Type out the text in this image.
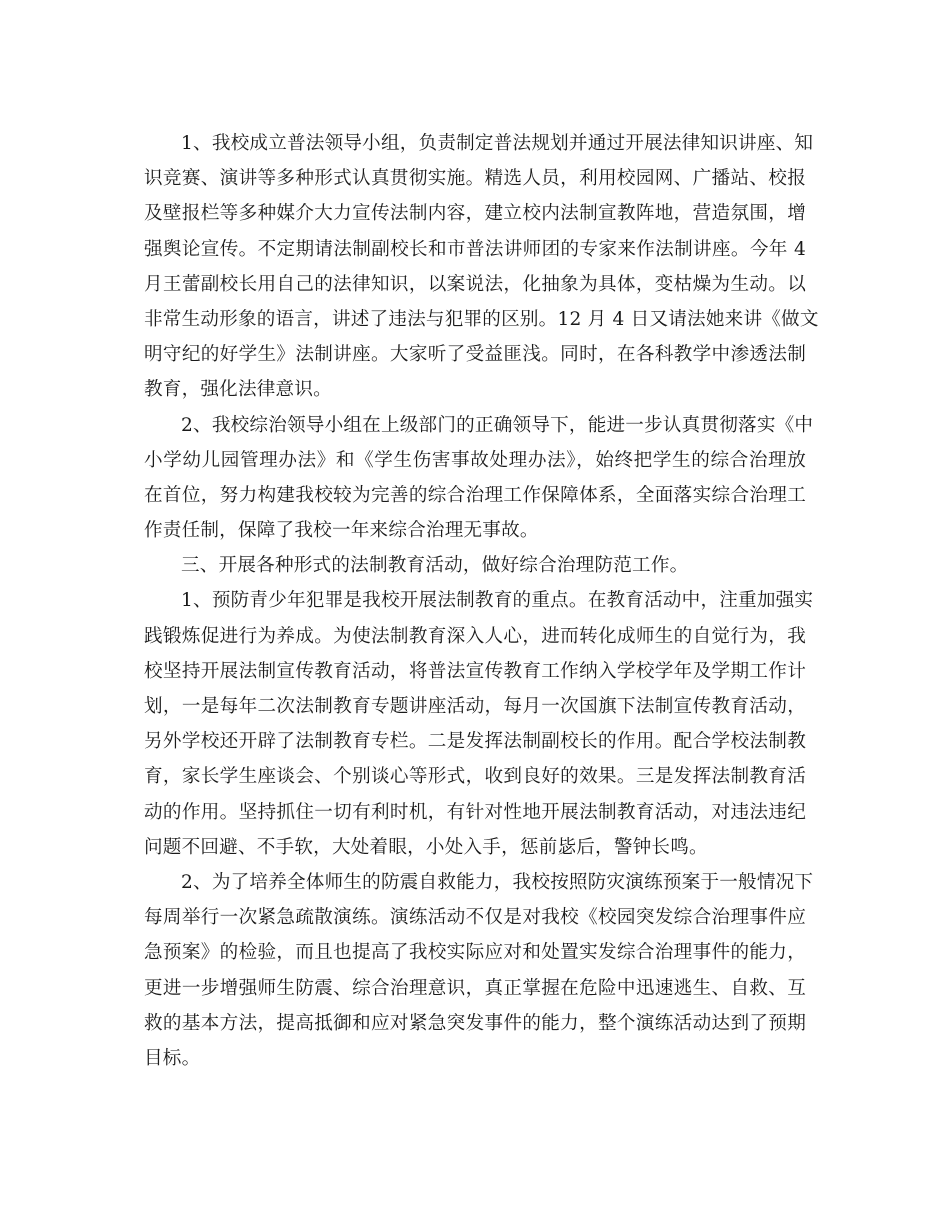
1、我校成立普法领导小组，负责制定普法规划并通过开展法律知识讲座、知
识竞赛、演讲等多种形式认真贯彻实施。精选人员，利用校园网、广播站、校报
及壁报栏等多种媒介大力宣传法制内容，建立校内法制宣教阵地，营造氛围，增
强舆论宣传。不定期请法制副校长和市普法讲师团的专家来作法制讲座。今年 4
月王蕾副校长用自己的法律知识，以案说法，化抽象为具体，变枯燥为生动。以
非常生动形象的语言，讲述了违法与犯罪的区别。12 月 4 日又请法她来讲《做文
明守纪的好学生》法制讲座。大家听了受益匪浅。同时，在各科教学中渗透法制
教育，强化法律意识。
2、我校综治领导小组在上级部门的正确领导下，能进一步认真贯彻落实《中
小学幼儿园管理办法》和《学生伤害事故处理办法》，始终把学生的综合治理放
在首位，努力构建我校较为完善的综合治理工作保障体系，全面落实综合治理工
作责任制，保障了我校一年来综合治理无事故。
三、开展各种形式的法制教育活动，做好综合治理防范工作。
1、预防青少年犯罪是我校开展法制教育的重点。在教育活动中，注重加强实
践锻炼促进行为养成。为使法制教育深入人心，进而转化成师生的自觉行为，我
校坚持开展法制宣传教育活动，将普法宣传教育工作纳入学校学年及学期工作计
划，一是每年二次法制教育专题讲座活动，每月一次国旗下法制宣传教育活动，
另外学校还开辟了法制教育专栏。二是发挥法制副校长的作用。配合学校法制教
育，家长学生座谈会、个别谈心等形式，收到良好的效果。三是发挥法制教育活
动的作用。坚持抓住一切有利时机，有针对性地开展法制教育活动，对违法违纪
问题不回避、不手软，大处着眼，小处入手，惩前毖后，警钟长鸣。
2、为了培养全体师生的防震自救能力，我校按照防灾演练预案于一般情况下
每周举行一次紧急疏散演练。演练活动不仅是对我校《校园突发综合治理事件应
急预案》的检验，而且也提高了我校实际应对和处置实发综合治理事件的能力，
更进一步增强师生防震、综合治理意识，真正掌握在危险中迅速逃生、自救、互
救的基本方法，提高抵御和应对紧急突发事件的能力，整个演练活动达到了预期
目标。
